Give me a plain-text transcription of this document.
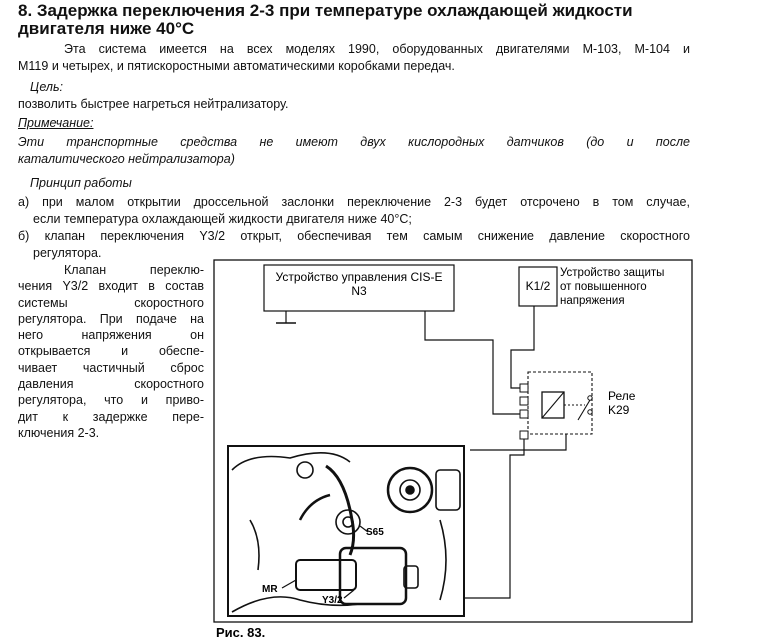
8. Задержка переключения 2-3 при температуре охлаждающей жидкости
двигателя ниже 40°C
Эта система имеется на всех моделях 1990, оборудованных двигателями М-103, М-104 и
М119 и четырех, и пятискоростными автоматическими коробками передач.
Цель:
позволить быстрее нагреться нейтрализатору.
Примечание:
Эти транспортные средства не имеют двух кислородных датчиков (до и после
каталитического нейтрализатора)
Принцип работы
а) при малом открытии дроссельной заслонки переключение 2-3 будет отсрочено в том случае,
если температура охлаждающей жидкости двигателя ниже 40°C;
б) клапан переключения Y3/2 открыт, обеспечивая тем самым снижение давление скоростного
регулятора.
Клапан переклю-
чения Y3/2 входит в состав
системы скоростного
регулятора. При подаче на
него напряжения он
открывается и обеспе-
чивает частичный сброс
давления скоростного
регулятора, что и приво-
дит к задержке пере-
ключения 2-3.
Устройство управления CIS-E
N3	K1/2
Устройство защиты
от повышенного
напряжения
Реле
K29
S65
MR
Y3/2
Рис. 83.
